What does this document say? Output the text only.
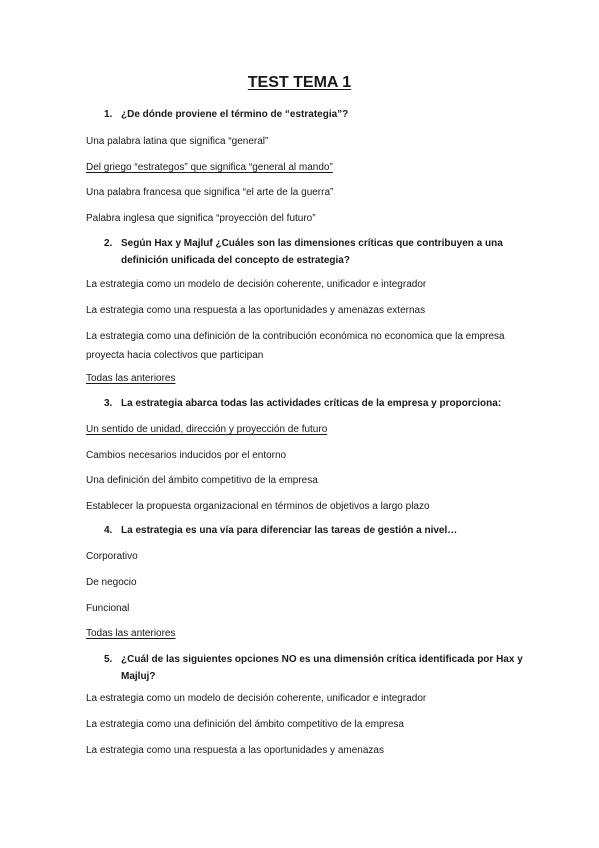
TEST TEMA 1
1. ¿De dónde proviene el término de “estrategia”?
Una palabra latina que significa “general”
Del griego “estrategos” que significa “general al mando”
Una palabra francesa que significa “el arte de la guerra”
Palabra inglesa que significa “proyección del futuro”
2. Según Hax y Majluf ¿Cuáles son las dimensiones críticas que contribuyen a una definición unificada del concepto de estrategia?
La estrategia como un modelo de decisión coherente, unificador e integrador
La estrategia como una respuesta a las oportunidades y amenazas externas
La estrategia como una definición de la contribución económica no economica que la empresa proyecta hacia colectivos que participan
Todas las anteriores
3. La estrategia abarca todas las actividades críticas de la empresa y proporciona:
Un sentido de unidad, dirección y proyección de futuro
Cambios necesarios inducidos por el entorno
Una definición del ámbito competitivo de la empresa
Establecer la propuesta organizacional en términos de objetivos a largo plazo
4. La estrategia es una vía para diferenciar las tareas de gestión a nivel…
Corporativo
De negocio
Funcional
Todas las anteriores
5. ¿Cuál de las siguientes opciones NO es una dimensión crítica identificada por Hax y Majluj?
La estrategia como un modelo de decisión coherente, unificador e integrador
La estrategia como una definición del ámbito competitivo de la empresa
La estrategia como una respuesta a las oportunidades y amenazas
